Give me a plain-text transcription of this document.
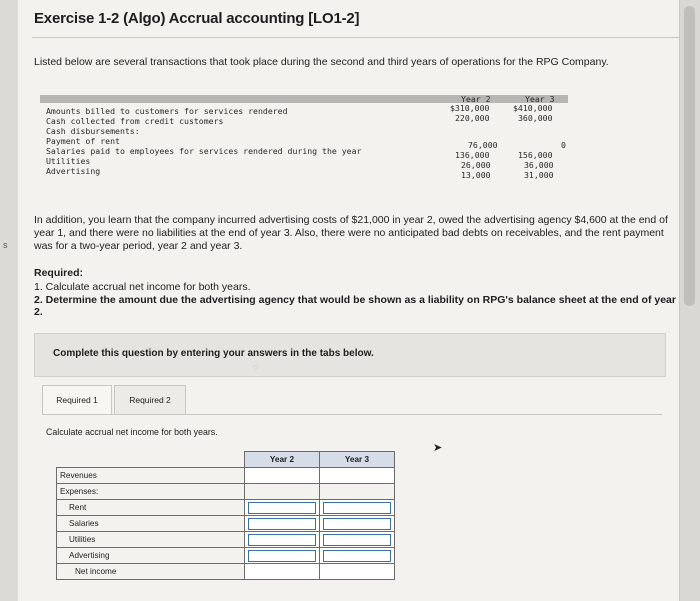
s
Exercise 1-2 (Algo) Accrual accounting [LO1-2]
Listed below are several transactions that took place during the second and third years of operations for the RPG Company.
Year 2	Year 3
Amounts billed to customers for services rendered	$310,000	$410,000
Cash collected from credit customers	220,000	360,000
Cash disbursements:
Payment of rent	76,000	0
Salaries paid to employees for services rendered during the year	136,000	156,000
Utilities	26,000	36,000
Advertising	13,000	31,000
In addition, you learn that the company incurred advertising costs of $21,000 in year 2, owed the advertising agency $4,600 at the end of year 1, and there were no liabilities at the end of year 3. Also, there were no anticipated bad debts on receivables, and the rent payment was for a two-year period, year 2 and year 3.
Required:
1. Calculate accrual net income for both years.
2. Determine the amount due the advertising agency that would be shown as a liability on RPG's balance sheet at the end of year 2.
Complete this question by entering your answers in the tabs below.
◌
Required 1	Required 2
Calculate accrual net income for both years.
➤
	Year 2	Year 3
Revenues		
Expenses:		
Rent	

Salaries	

Utilities	

Advertising	

Net income		
